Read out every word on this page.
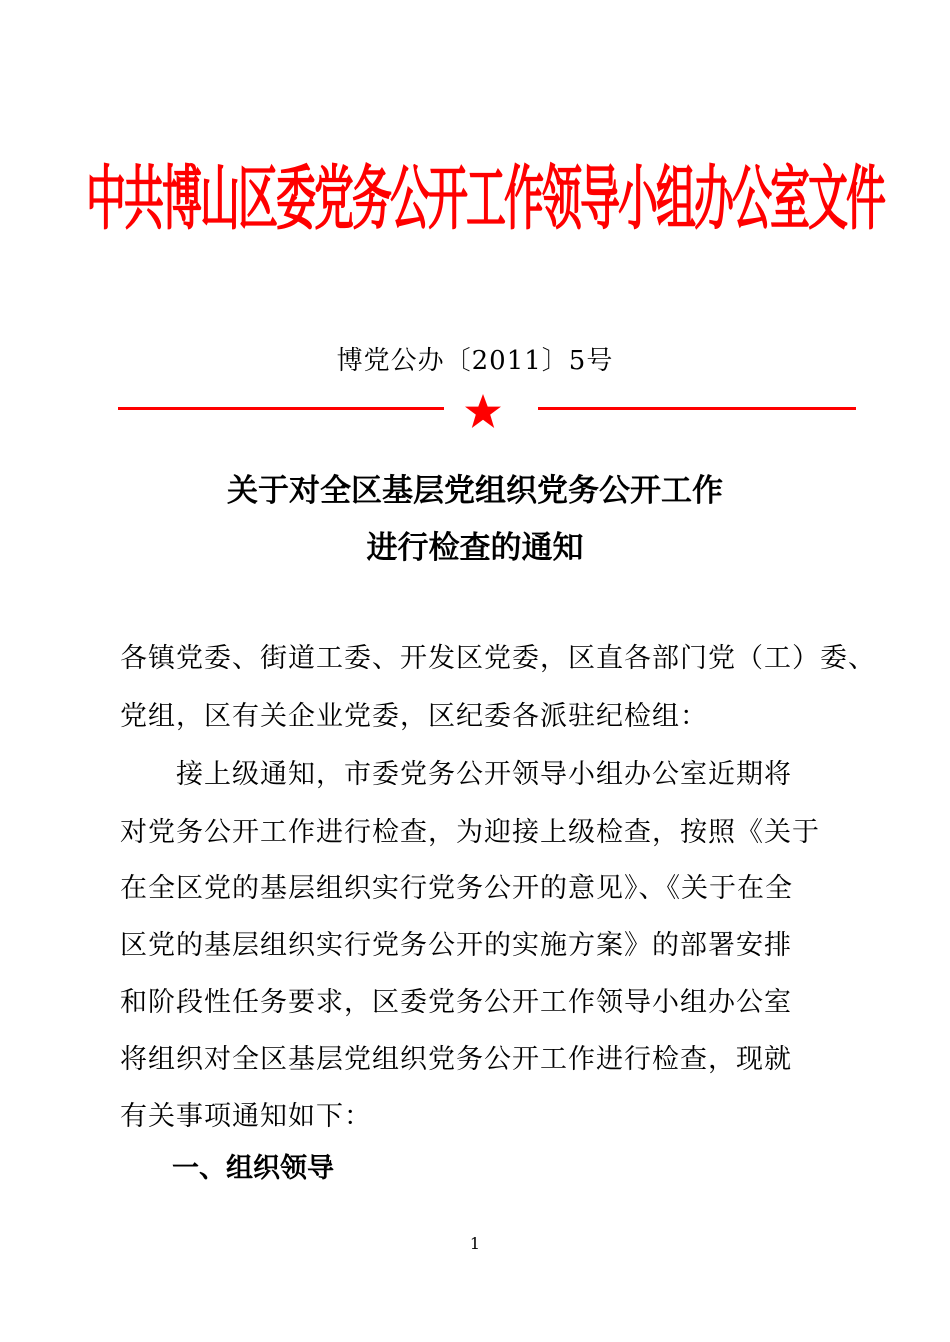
中共博山区委党务公开工作领导小组办公室文件
博党公办〔2011〕5号
关于对全区基层党组织党务公开工作
进行检查的通知
各镇党委、街道工委、开发区党委，区直各部门党（工）委、
党组，区有关企业党委，区纪委各派驻纪检组：
　　接上级通知，市委党务公开领导小组办公室近期将
对党务公开工作进行检查，为迎接上级检查，按照《关于
在全区党的基层组织实行党务公开的意见》、《关于在全
区党的基层组织实行党务公开的实施方案》的部署安排
和阶段性任务要求，区委党务公开工作领导小组办公室
将组织对全区基层党组织党务公开工作进行检查，现就
有关事项通知如下：
一、组织领导
1
